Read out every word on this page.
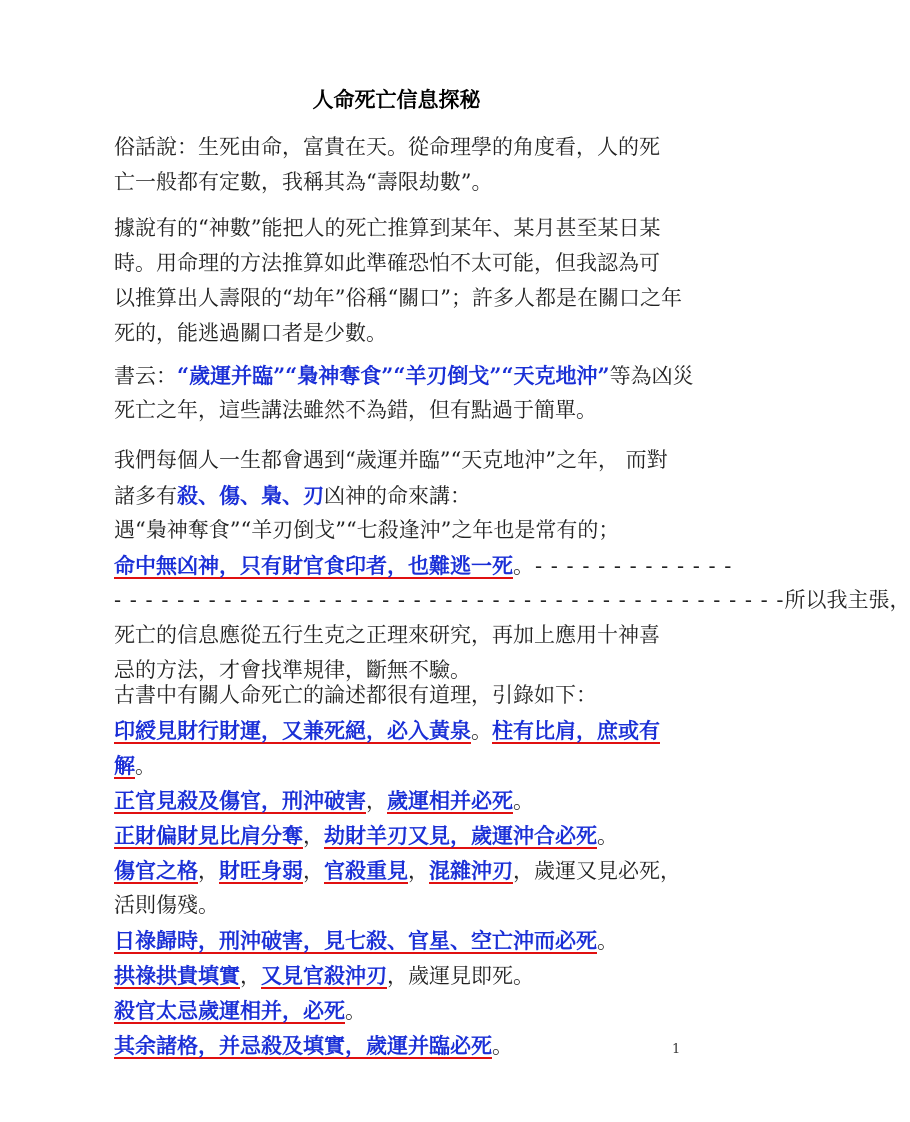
人命死亡信息探秘
俗話說：生死由命，富貴在天。從命理學的角度看，人的死
亡一般都有定數，我稱其為“壽限劫數”。
據說有的“神數”能把人的死亡推算到某年、某月甚至某日某
時。用命理的方法推算如此準確恐怕不太可能，但我認為可
以推算出人壽限的“劫年”俗稱“關口”；許多人都是在關口之年
死的，能逃過關口者是少數。
書云：“歲運并臨”“梟神奪食”“羊刃倒戈”“天克地沖”等為凶災
死亡之年，這些講法雖然不為錯，但有點過于簡單。
我們每個人一生都會遇到“歲運并臨”“天克地沖”之年， 而對
諸多有殺、傷、梟、刃凶神的命來講：
遇“梟神奪食”“羊刃倒戈”“七殺逢沖”之年也是常有的；
命中無凶神，只有財官食印者，也難逃一死。- - - - - - - - - - - - -
- - - - - - - - - - - - - - - - - - - - - - - - - - - - - - - - - - - - - - - - - - -所以我主張，
死亡的信息應從五行生克之正理來研究，再加上應用十神喜
忌的方法，才會找準規律，斷無不驗。
古書中有關人命死亡的論述都很有道理，引錄如下：
印綬見財行財運，又兼死絕，必入黃泉。柱有比肩，庶或有
解。
正官見殺及傷官，刑沖破害，歲運相并必死。
正財偏財見比肩分奪，劫財羊刃又見，歲運沖合必死。
傷官之格，財旺身弱，官殺重見，混雜沖刃，歲運又見必死，
活則傷殘。
日祿歸時，刑沖破害，見七殺、官星、空亡沖而必死。
拱祿拱貴填實，又見官殺沖刃，歲運見即死。
殺官太忌歲運相并，必死。
其余諸格，并忌殺及填實，歲運并臨必死。	1
